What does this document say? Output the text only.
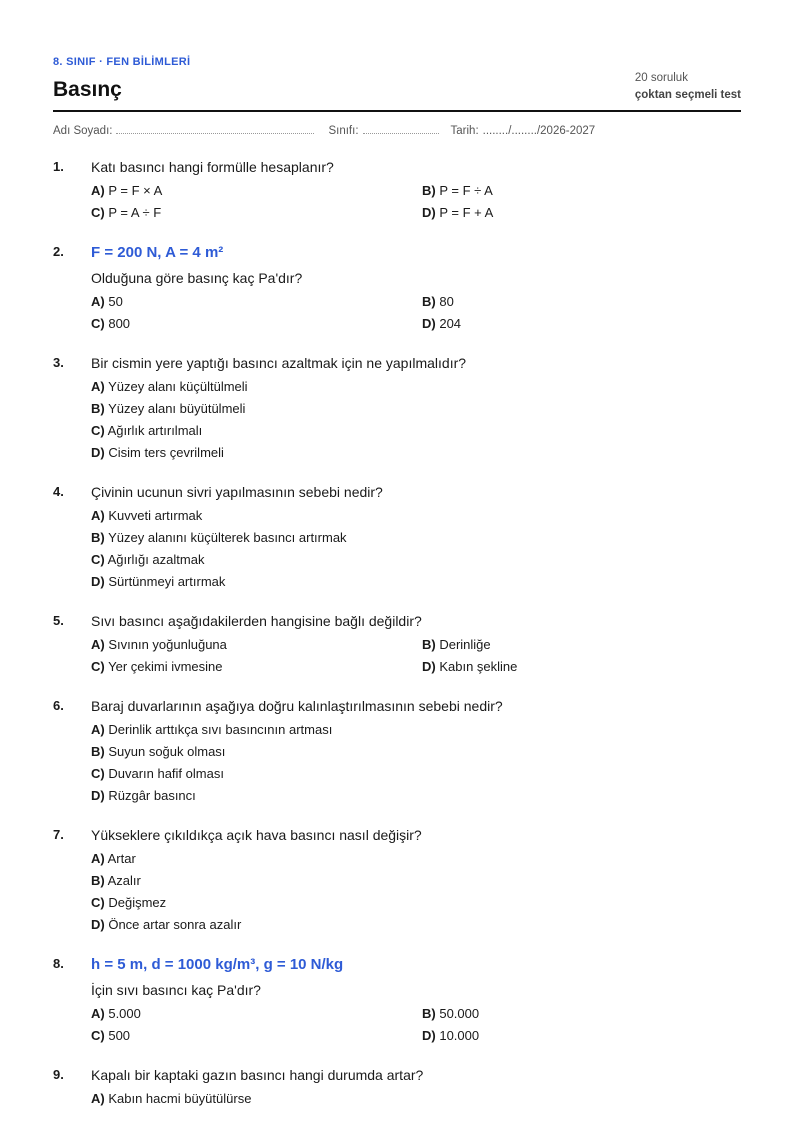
8. SINIF · FEN BİLİMLERİ
Basınç	20 soruluk
çoktan seçmeli test
Adı Soyadı:	Sınıfı:	Tarih: ......../......../2026-2027
1. Katı basıncı hangi formülle hesaplanır?
A) P = F × A	B) P = F ÷ A
C) P = A ÷ F	D) P = F + A
2. F = 200 N, A = 4 m²
Olduğuna göre basınç kaç Pa'dır?
A) 50	B) 80
C) 800	D) 204
3. Bir cismin yere yaptığı basıncı azaltmak için ne yapılmalıdır?
A) Yüzey alanı küçültülmeli
B) Yüzey alanı büyütülmeli
C) Ağırlık artırılmalı
D) Cisim ters çevrilmeli
4. Çivinin ucunun sivri yapılmasının sebebi nedir?
A) Kuvveti artırmak
B) Yüzey alanını küçülterek basıncı artırmak
C) Ağırlığı azaltmak
D) Sürtünmeyi artırmak
5. Sıvı basıncı aşağıdakilerden hangisine bağlı değildir?
A) Sıvının yoğunluğuna	B) Derinliğe
C) Yer çekimi ivmesine	D) Kabın şekline
6. Baraj duvarlarının aşağıya doğru kalınlaştırılmasının sebebi nedir?
A) Derinlik arttıkça sıvı basıncının artması
B) Suyun soğuk olması
C) Duvarın hafif olması
D) Rüzgâr basıncı
7. Yükseklere çıkıldıkça açık hava basıncı nasıl değişir?
A) Artar
B) Azalır
C) Değişmez
D) Önce artar sonra azalır
8. h = 5 m, d = 1000 kg/m³, g = 10 N/kg
İçin sıvı basıncı kaç Pa'dır?
A) 5.000	B) 50.000
C) 500	D) 10.000
9. Kapalı bir kaptaki gazın basıncı hangi durumda artar?
A) Kabın hacmi büyütülürse
